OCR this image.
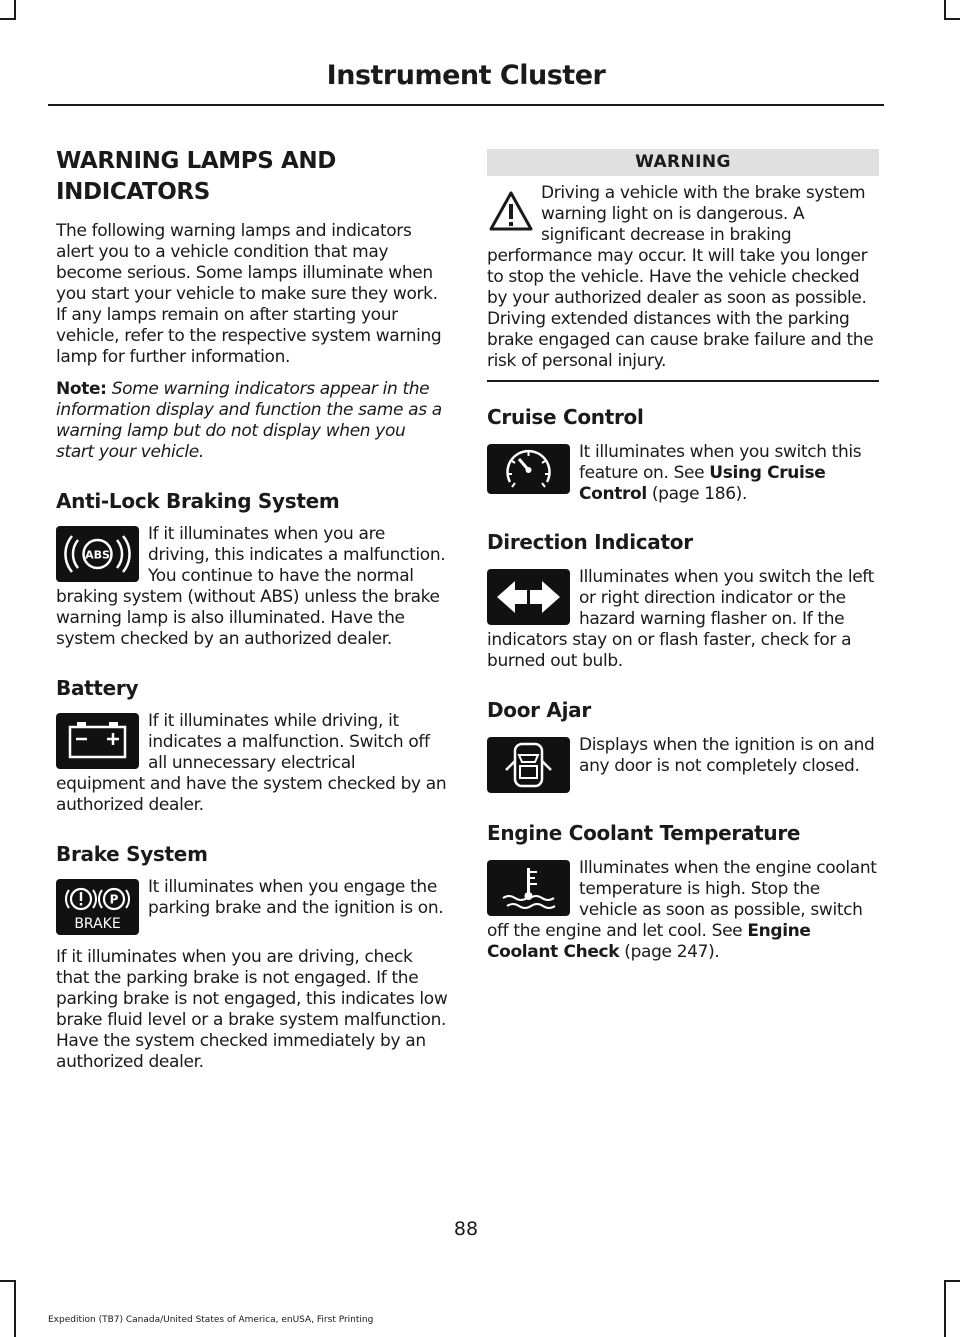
Instrument Cluster
WARNING LAMPS AND INDICATORS

The following warning lamps and indicators alert you to a vehicle condition that may become serious. Some lamps illuminate when you start your vehicle to make sure they work. If any lamps remain on after starting your vehicle, refer to the respective system warning lamp for further information.

Note: Some warning indicators appear in the information display and function the same as a warning lamp but do not display when you start your vehicle.

Anti-Lock Braking System
ABS

If it illuminates when you are driving, this indicates a malfunction. You continue to have the normal braking system (without ABS) unless the brake warning lamp is also illuminated. Have the system checked by an authorized dealer.

Battery

If it illuminates while driving, it indicates a malfunction. Switch off all unnecessary electrical equipment and have the system checked by an authorized dealer.

Brake System
P
BRAKE

It illuminates when you engage the parking brake and the ignition is on.

If it illuminates when you are driving, check that the parking brake is not engaged. If the parking brake is not engaged, this indicates low brake fluid level or a brake system malfunction. Have the system checked immediately by an authorized dealer.

WARNING

Driving a vehicle with the brake system warning light on is dangerous. A significant decrease in braking performance may occur. It will take you longer to stop the vehicle. Have the vehicle checked by your authorized dealer as soon as possible. Driving extended distances with the parking brake engaged can cause brake failure and the risk of personal injury.

Cruise Control

It illuminates when you switch this feature on. See Using Cruise Control (page 186).

Direction Indicator

Illuminates when you switch the left or right direction indicator or the hazard warning flasher on. If the indicators stay on or flash faster, check for a burned out bulb.

Door Ajar

Displays when the ignition is on and any door is not completely closed.

Engine Coolant Temperature

Illuminates when the engine coolant temperature is high. Stop the vehicle as soon as possible, switch off the engine and let cool. See Engine Coolant Check (page 247).

88
Expedition (TB7) Canada/United States of America, enUSA, First Printing
